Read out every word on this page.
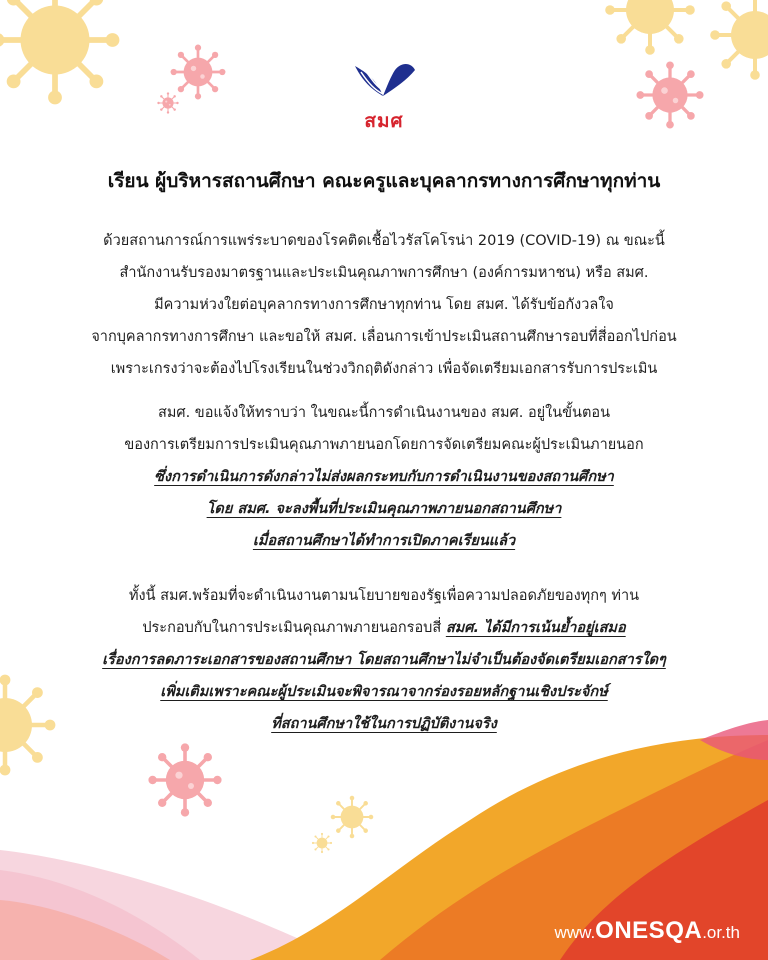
สมศ
เรียน ผู้บริหารสถานศึกษา คณะครูและบุคลากรทางการศึกษาทุกท่าน
ด้วยสถานการณ์การแพร่ระบาดของโรคติดเชื้อไวรัสโคโรน่า 2019 (COVID-19) ณ ขณะนี้
สำนักงานรับรองมาตรฐานและประเมินคุณภาพการศึกษา (องค์การมหาชน) หรือ สมศ.
มีความห่วงใยต่อบุคลากรทางการศึกษาทุกท่าน โดย สมศ. ได้รับข้อกังวลใจ
จากบุคลากรทางการศึกษา และขอให้ สมศ. เลื่อนการเข้าประเมินสถานศึกษารอบที่สี่ออกไปก่อน
เพราะเกรงว่าจะต้องไปโรงเรียนในช่วงวิกฤติดังกล่าว เพื่อจัดเตรียมเอกสารรับการประเมิน
สมศ. ขอแจ้งให้ทราบว่า ในขณะนี้การดำเนินงานของ สมศ. อยู่ในขั้นตอน
ของการเตรียมการประเมินคุณภาพภายนอกโดยการจัดเตรียมคณะผู้ประเมินภายนอก
ซึ่งการดำเนินการดังกล่าวไม่ส่งผลกระทบกับการดำเนินงานของสถานศึกษา
โดย สมศ. จะลงพื้นที่ประเมินคุณภาพภายนอกสถานศึกษา
เมื่อสถานศึกษาได้ทำการเปิดภาคเรียนแล้ว
ทั้งนี้ สมศ.พร้อมที่จะดำเนินงานตามนโยบายของรัฐเพื่อความปลอดภัยของทุกๆ ท่าน
ประกอบกับในการประเมินคุณภาพภายนอกรอบสี่ สมศ. ได้มีการเน้นย้ำอยู่เสมอ
เรื่องการลดภาระเอกสารของสถานศึกษา โดยสถานศึกษาไม่จำเป็นต้องจัดเตรียมเอกสารใดๆ
เพิ่มเติมเพราะคณะผู้ประเมินจะพิจารณาจากร่องรอยหลักฐานเชิงประจักษ์
ที่สถานศึกษาใช้ในการปฏิบัติงานจริง
www.ONESQA.or.th
